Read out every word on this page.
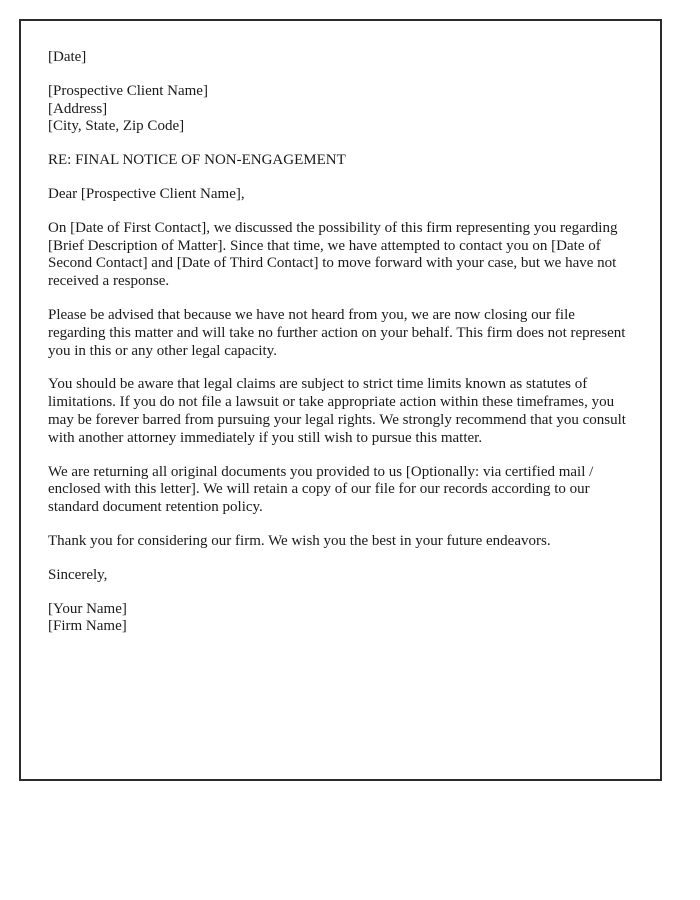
[Date]

[Prospective Client Name]

[Address]

[City, State, Zip Code]

RE: FINAL NOTICE OF NON-ENGAGEMENT

Dear [Prospective Client Name],

On [Date of First Contact], we discussed the possibility of this firm representing you regarding [Brief Description of Matter]. Since that time, we have attempted to contact you on [Date of Second Contact] and [Date of Third Contact] to move forward with your case, but we have not received a response.

Please be advised that because we have not heard from you, we are now closing our file regarding this matter and will take no further action on your behalf. This firm does not represent you in this or any other legal capacity.

You should be aware that legal claims are subject to strict time limits known as statutes of limitations. If you do not file a lawsuit or take appropriate action within these timeframes, you may be forever barred from pursuing your legal rights. We strongly recommend that you consult with another attorney immediately if you still wish to pursue this matter.

We are returning all original documents you provided to us [Optionally: via certified mail / enclosed with this letter]. We will retain a copy of our file for our records according to our standard document retention policy.

Thank you for considering our firm. We wish you the best in your future endeavors.

Sincerely,

[Your Name]

[Firm Name]
